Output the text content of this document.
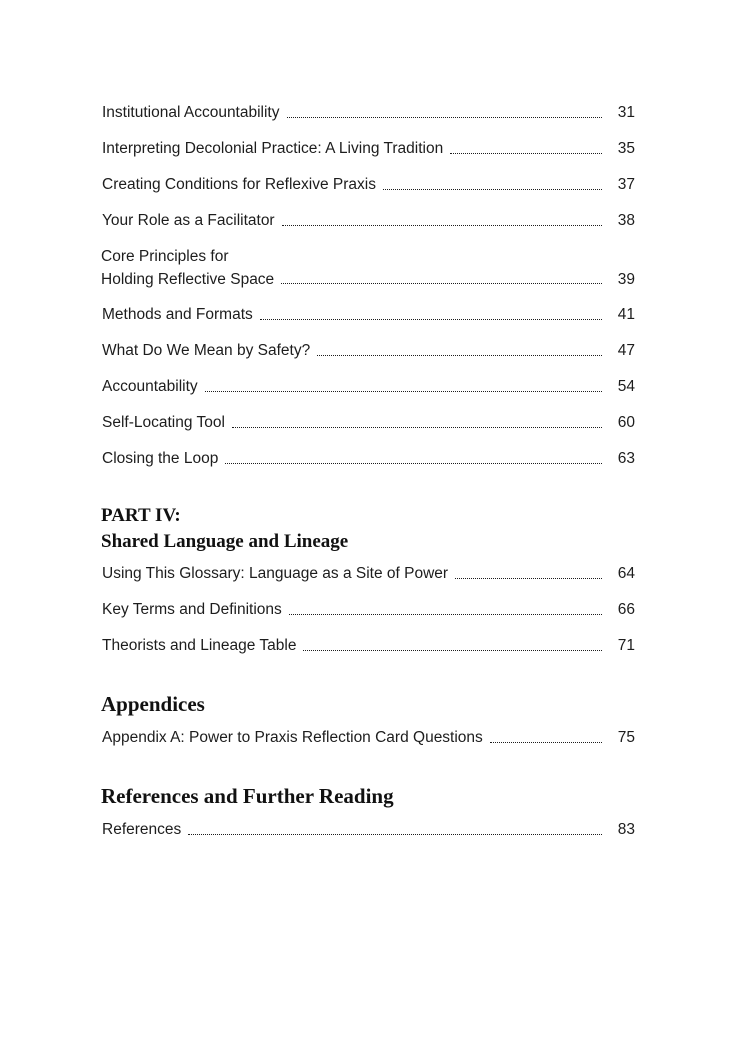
Institutional Accountability	31
Interpreting Decolonial Practice: A Living Tradition	35
Creating Conditions for Reflexive Praxis	37
Your Role as a Facilitator	38
Core Principles for
Holding Reflective Space	39
Methods and Formats	41
What Do We Mean by Safety?	47
Accountability	54
Self-Locating Tool	60
Closing the Loop	63
PART IV:
Shared Language and Lineage
Using This Glossary: Language as a Site of Power	64
Key Terms and Definitions	66
Theorists and Lineage Table	71
Appendices
Appendix A: Power to Praxis Reflection Card Questions	75
References and Further Reading
References	83
